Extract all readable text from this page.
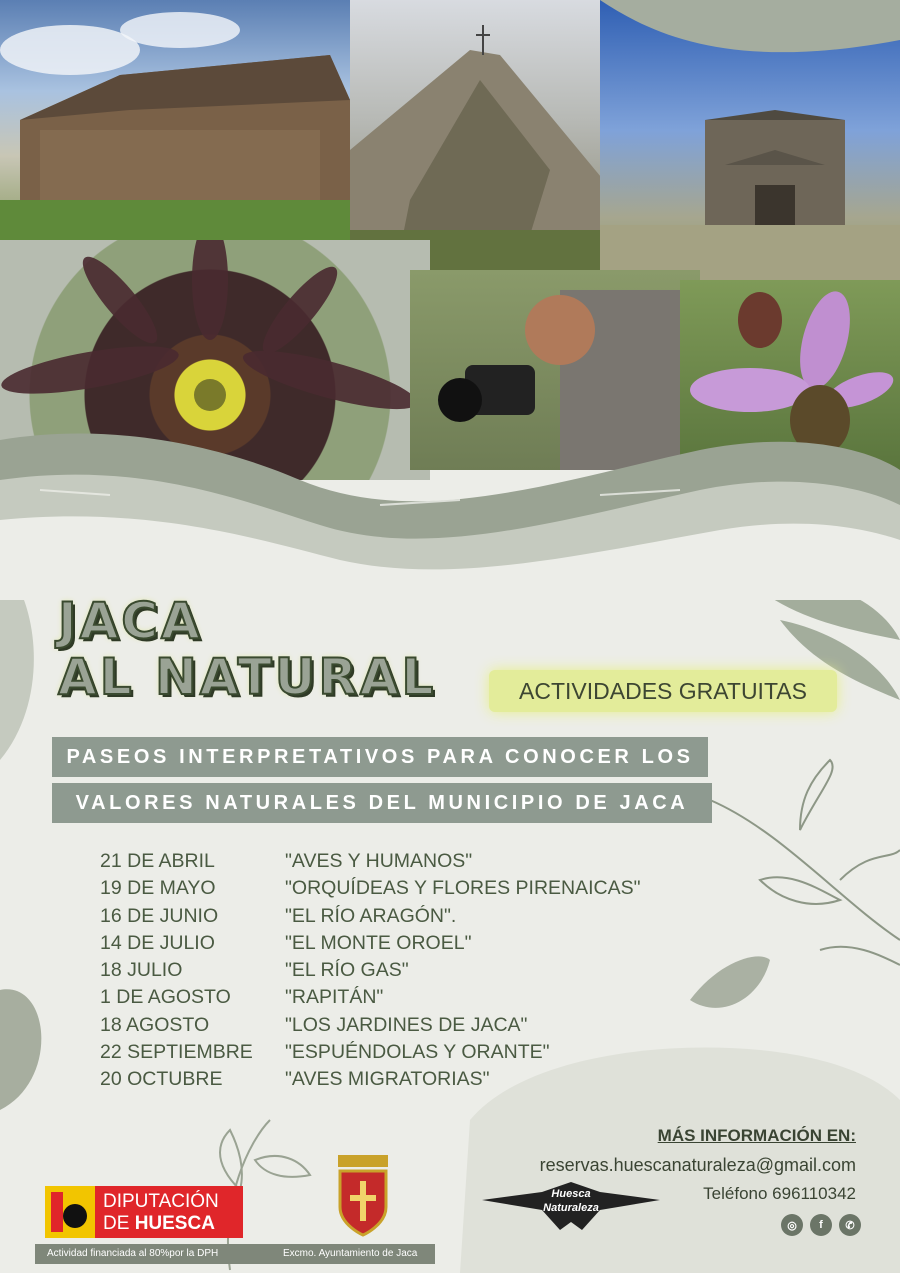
JACA
AL NATURAL	ACTIVIDADES GRATUITAS
PASEOS INTERPRETATIVOS PARA CONOCER LOS
VALORES NATURALES DEL MUNICIPIO DE JACA
21 DE ABRIL	"AVES Y HUMANOS"
19 DE MAYO	"ORQUÍDEAS Y FLORES PIRENAICAS"
16 DE JUNIO	"EL RÍO ARAGÓN".
14 DE JULIO	"EL MONTE OROEL"
18 JULIO	"EL RÍO GAS"
1 DE AGOSTO	"RAPITÁN"
18 AGOSTO	"LOS JARDINES DE JACA"
22 SEPTIEMBRE	"ESPUÉNDOLAS Y ORANTE"
20 OCTUBRE	"AVES MIGRATORIAS"
MÁS INFORMACIÓN EN:
reservas.huescanaturaleza@gmail.com
Teléfono 696110342
◎	f	✆
Huesca
Naturaleza
DIPUTACIÓN
DE HUESCA
Actividad financiada al 80%por la DPH	Excmo. Ayuntamiento de Jaca
